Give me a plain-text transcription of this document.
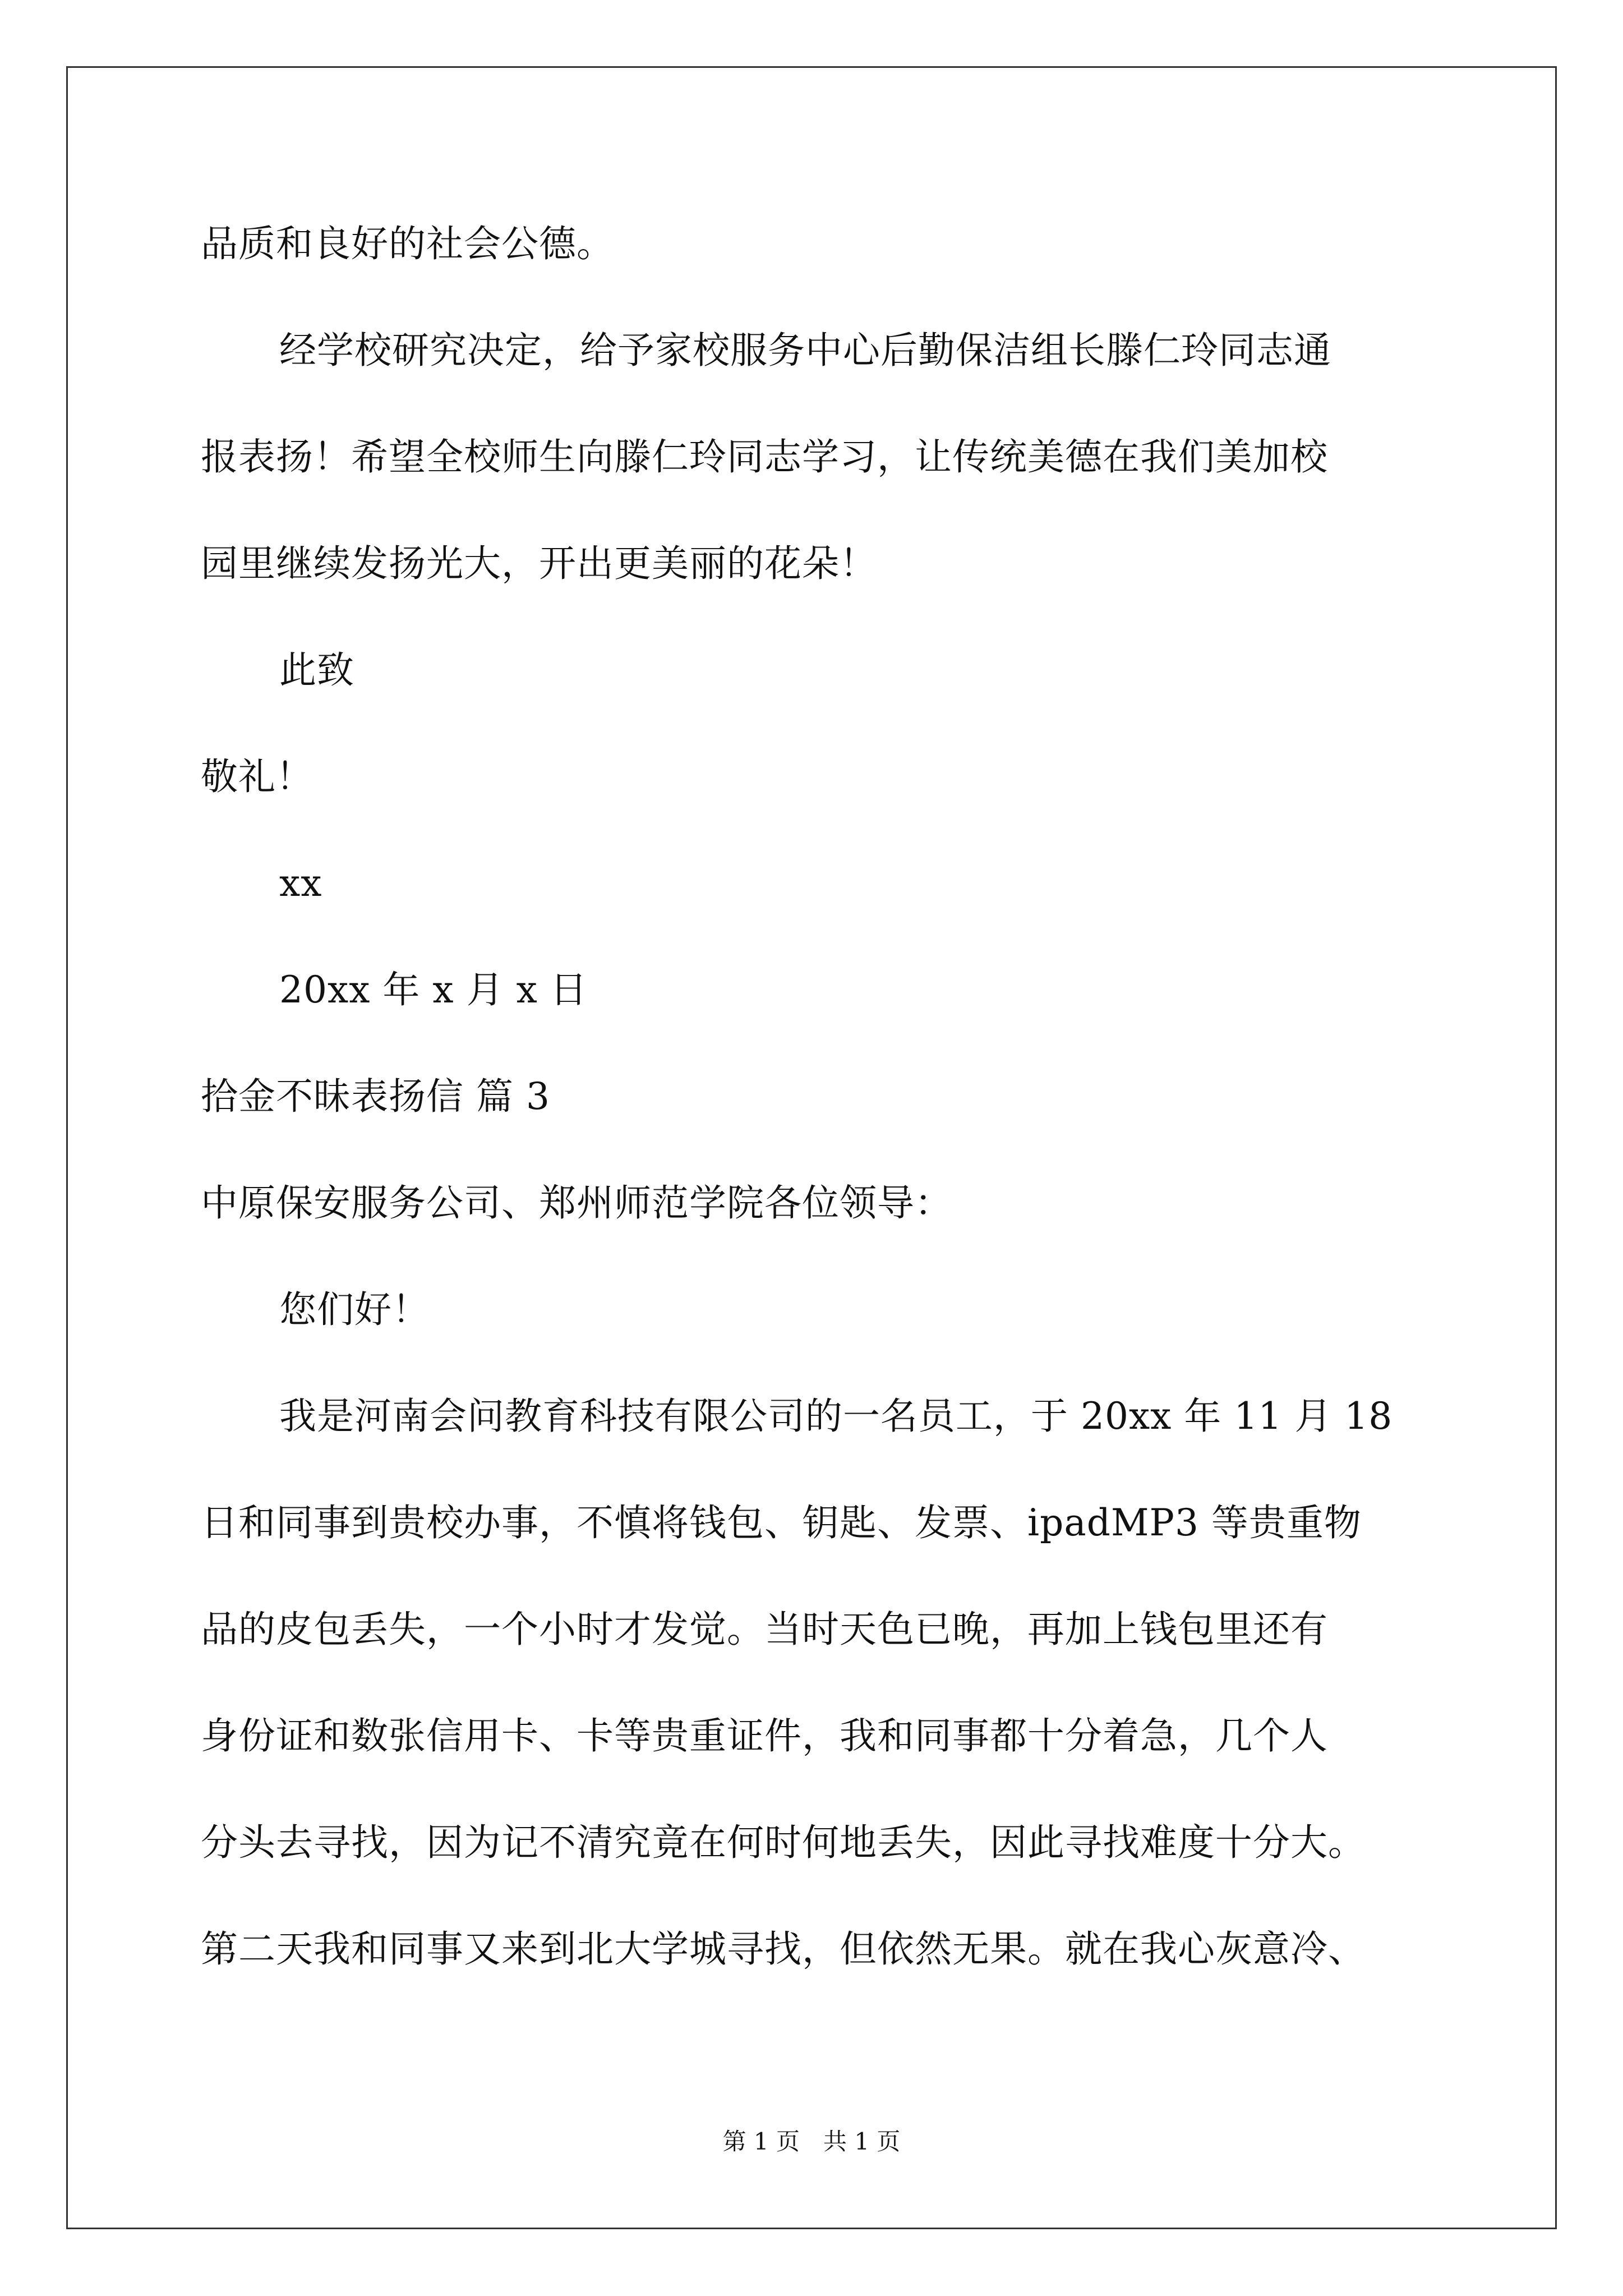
品质和良好的社会公德。
经学校研究决定，给予家校服务中心后勤保洁组长滕仁玲同志通
报表扬！希望全校师生向滕仁玲同志学习，让传统美德在我们美加校
园里继续发扬光大，开出更美丽的花朵！
此致
敬礼！
xx
20xx 年 x 月 x 日
拾金不昧表扬信 篇 3
中原保安服务公司、郑州师范学院各位领导：
您们好！
我是河南会问教育科技有限公司的一名员工，于 20xx 年 11 月 18
日和同事到贵校办事，不慎将钱包、钥匙、发票、ipadMP3 等贵重物
品的皮包丢失，一个小时才发觉。当时天色已晚，再加上钱包里还有
身份证和数张信用卡、卡等贵重证件，我和同事都十分着急，几个人
分头去寻找，因为记不清究竟在何时何地丢失，因此寻找难度十分大。
第二天我和同事又来到北大学城寻找，但依然无果。就在我心灰意冷、
第 1 页　共 1 页
